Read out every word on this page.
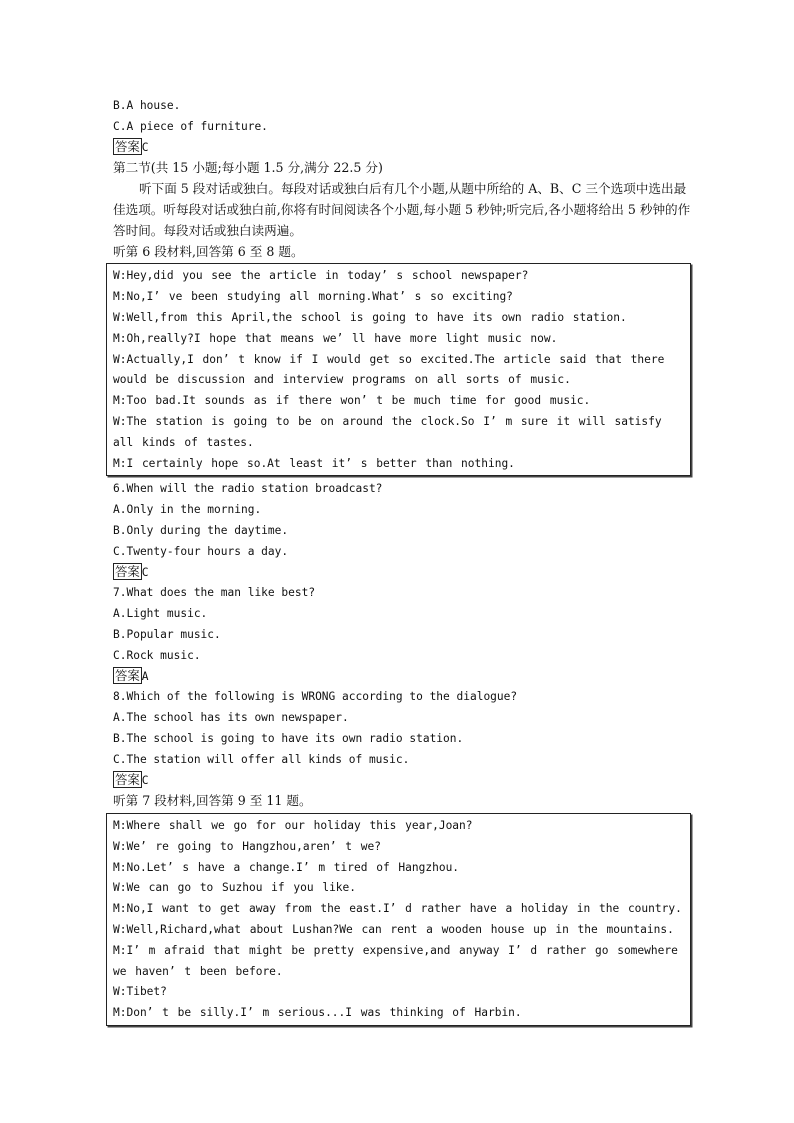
B.A house.
C.A piece of furniture.
答案 C
第二节(共 15 小题;每小题 1.5 分,满分 22.5 分)
听下面 5 段对话或独白。每段对话或独白后有几个小题,从题中所给的 A、B、C 三个选项中选出最佳选项。听每段对话或独白前,你将有时间阅读各个小题,每小题 5 秒钟;听完后,各小题将给出 5 秒钟的作答时间。每段对话或独白读两遍。
听第 6 段材料,回答第 6 至 8 题。
W:Hey,did you see the article in today’ s school newspaper?
M:No,I’ ve been studying all morning.What’ s so exciting?
W:Well,from this April,the school is going to have its own radio station.
M:Oh,really?I hope that means we’ ll have more light music now.
W:Actually,I don’ t know if I would get so excited.The article said that there would be discussion and interview programs on all sorts of music.
M:Too bad.It sounds as if there won’ t be much time for good music.
W:The station is going to be on around the clock.So I’ m sure it will satisfy all kinds of tastes.
M:I certainly hope so.At least it’ s better than nothing.
6.When will the radio station broadcast?
A.Only in the morning.
B.Only during the daytime.
C.Twenty-four hours a day.
答案 C
7.What does the man like best?
A.Light music.
B.Popular music.
C.Rock music.
答案 A
8.Which of the following is WRONG according to the dialogue?
A.The school has its own newspaper.
B.The school is going to have its own radio station.
C.The station will offer all kinds of music.
答案 C
听第 7 段材料,回答第 9 至 11 题。
M:Where shall we go for our holiday this year,Joan?
W:We’ re going to Hangzhou,aren’ t we?
M:No.Let’ s have a change.I’ m tired of Hangzhou.
W:We can go to Suzhou if you like.
M:No,I want to get away from the east.I’ d rather have a holiday in the country.
W:Well,Richard,what about Lushan?We can rent a wooden house up in the mountains.
M:I’ m afraid that might be pretty expensive,and anyway I’ d rather go somewhere we haven’ t been before.
W:Tibet?
M:Don’ t be silly.I’ m serious...I was thinking of Harbin.
